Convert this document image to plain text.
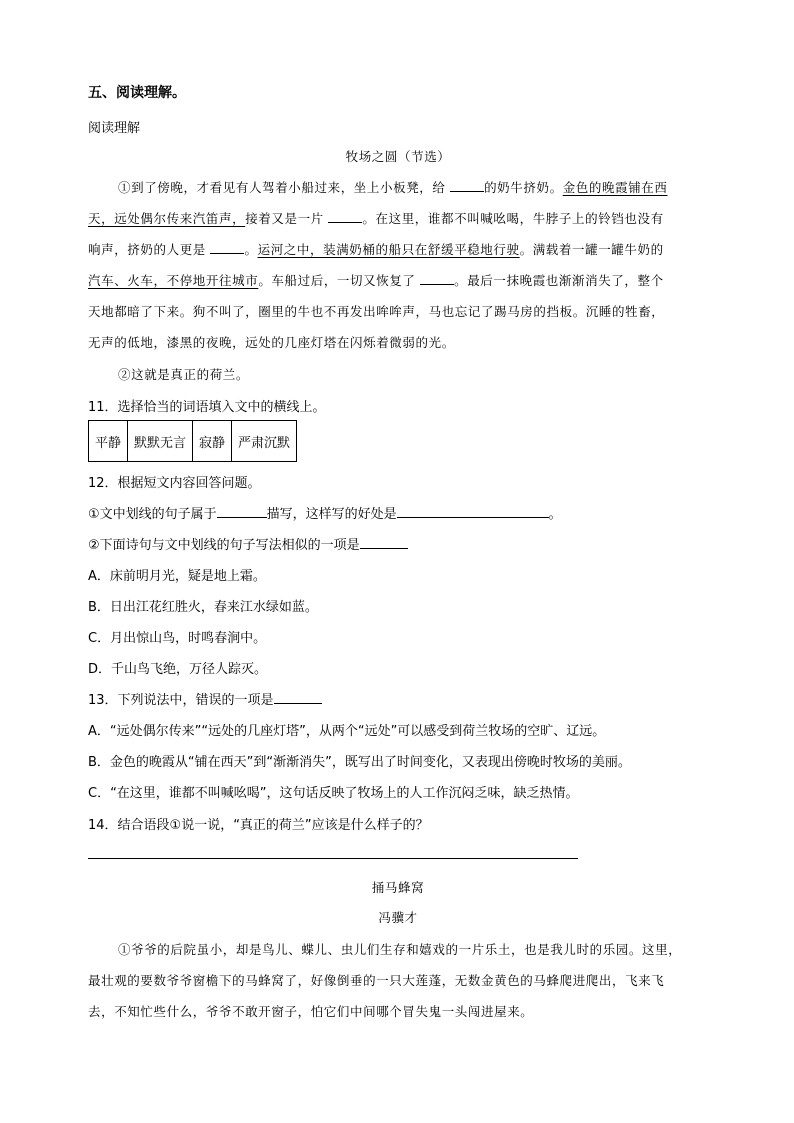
五、阅读理解。
阅读理解
牧场之圆（节选）
①到了傍晚，才看见有人驾着小船过来，坐上小板凳，给	的奶牛挤奶。金色的晚霞铺在西
天，远处偶尔传来汽笛声，接着又是一片	。在这里，谁都不叫喊吆喝，牛脖子上的铃铛也没有
响声，挤奶的人更是	。运河之中，装满奶桶的船只在舒缓平稳地行驶。满载着一罐一罐牛奶的
汽车、火车，不停地开往城市。车船过后，一切又恢复了	。最后一抹晚霞也渐渐消失了，整个
天地都暗了下来。狗不叫了，圈里的牛也不再发出哞哞声，马也忘记了踢马房的挡板。沉睡的牲畜，
无声的低地，漆黑的夜晚，远处的几座灯塔在闪烁着微弱的光。
②这就是真正的荷兰。
11．选择恰当的词语填入文中的横线上。
平静	默默无言	寂静	严肃沉默
12．根据短文内容回答问题。
①文中划线的句子属于	描写，这样写的好处是	。
②下面诗句与文中划线的句子写法相似的一项是
A．床前明月光，疑是地上霜。
B．日出江花红胜火，春来江水绿如蓝。
C．月出惊山鸟，时鸣春涧中。
D．千山鸟飞绝，万径人踪灭。
13．下列说法中，错误的一项是
A．“远处偶尔传来”“远处的几座灯塔”，从两个“远处”可以感受到荷兰牧场的空旷、辽远。
B．金色的晚霞从“铺在西天”到“渐渐消失”，既写出了时间变化，又表现出傍晚时牧场的美丽。
C．“在这里，谁都不叫喊吆喝”，这句话反映了牧场上的人工作沉闷乏味，缺乏热情。
14．结合语段①说一说，“真正的荷兰”应该是什么样子的？
捅马蜂窝
冯骥才
①爷爷的后院虽小，却是鸟儿、蝶儿、虫儿们生存和嬉戏的一片乐土，也是我儿时的乐园。这里，
最壮观的要数爷爷窗檐下的马蜂窝了，好像倒垂的一只大莲蓬，无数金黄色的马蜂爬进爬出，飞来飞
去，不知忙些什么，爷爷不敢开窗子，怕它们中间哪个冒失鬼一头闯进屋来。
